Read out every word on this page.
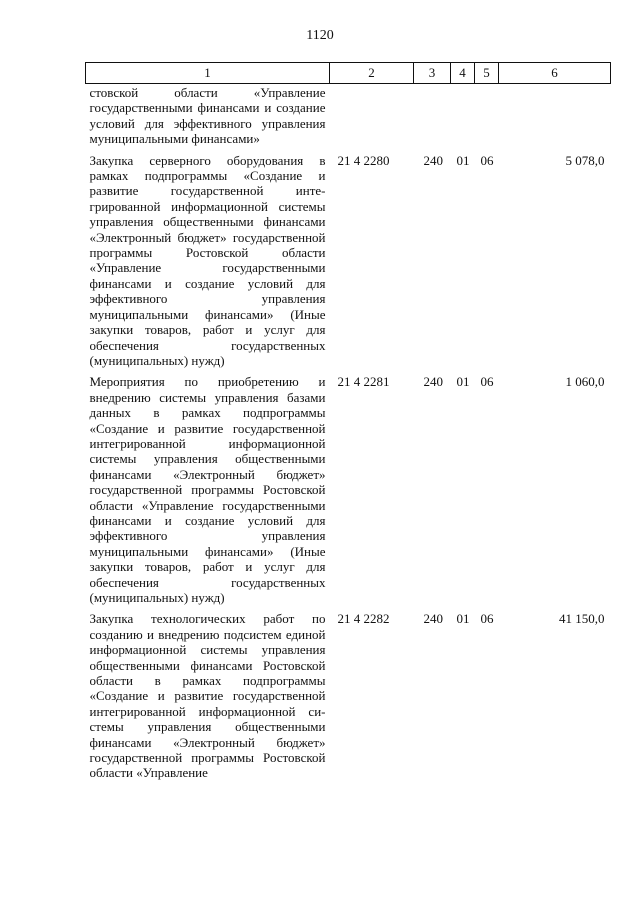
1120
1	2	3	4	5	6
стовской области «Управление государственными финансами и создание условий для эффективного управления муниципальными финансами»					
Закупка серверного оборудования в рамках подпрограммы «Создание и развитие государственной интегрированной информационной системы управления общественными финансами «Электронный бюджет» государственной программы Ростовской области «Управление государственными финансами и создание условий для эффективного управления муниципальными финансами» (Иные закупки товаров, работ и услуг для обеспечения государственных (муниципальных) нужд)	21 4 2280	240	01	06	5 078,0
Мероприятия по приобретению и внедрению системы управления базами данных в рамках подпрограммы «Создание и развитие государственной интегрированной информационной системы управления общественными финансами «Электронный бюджет» государственной программы Ростовской области «Управление государственными финансами и создание условий для эффективного управления муниципальными финансами» (Иные закупки товаров, работ и услуг для обеспечения государственных (муниципальных) нужд)	21 4 2281	240	01	06	1 060,0
Закупка технологических работ по созданию и внедрению подсистем единой информационной системы управления общественными финансами Ростовской области в рамках подпрограммы «Создание и развитие государственной интегрированной информационной системы управления общественными финансами «Электронный бюджет» государственной программы Ростовской области «Управление	21 4 2282	240	01	06	41 150,0
